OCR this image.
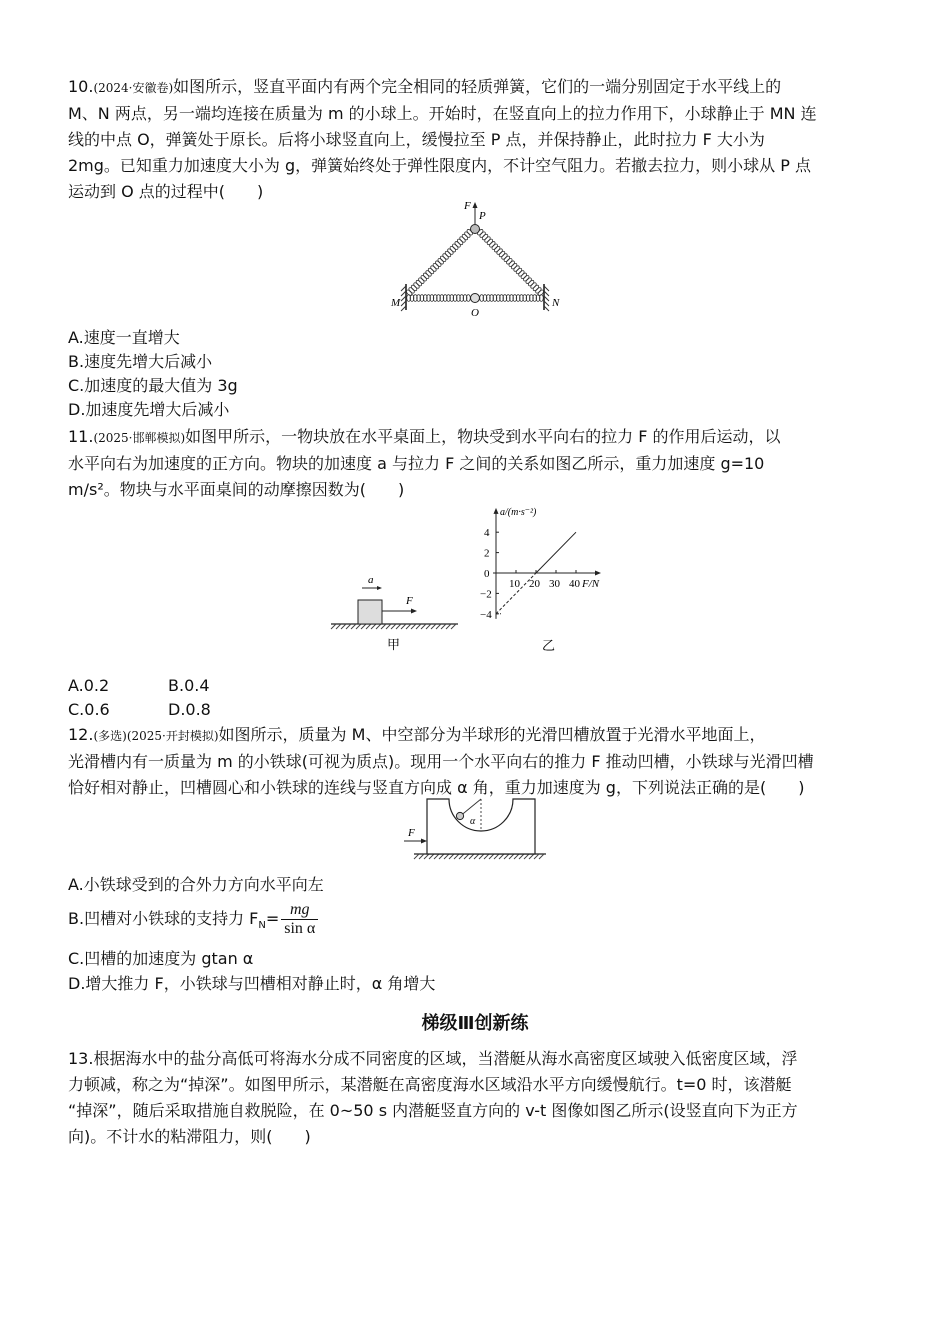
10.(2024·安徽卷)如图所示，竖直平面内有两个完全相同的轻质弹簧，它们的一端分别固定于水平线上的
M、N 两点，另一端均连接在质量为 m 的小球上。开始时，在竖直向上的拉力作用下，小球静止于 MN 连
线的中点 O，弹簧处于原长。后将小球竖直向上，缓慢拉至 P 点，并保持静止，此时拉力 F 大小为
2mg。已知重力加速度大小为 g，弹簧始终处于弹性限度内，不计空气阻力。若撤去拉力，则小球从 P 点
运动到 O 点的过程中(　　)
F
P
M	N
O
A.速度一直增大
B.速度先增大后减小
C.加速度的最大值为 3g
D.加速度先增大后减小
11.(2025·邯郸模拟)如图甲所示，一物块放在水平桌面上，物块受到水平向右的拉力 F 的作用后运动，以
水平向右为加速度的正方向。物块的加速度 a 与拉力 F 之间的关系如图乙所示，重力加速度 g=10
m/s²。物块与水平面桌间的动摩擦因数为(　　)
F
a
甲
10 20 30 40
4
2
0
−2
−4
F/N
a/(m·s⁻²)
乙
A.0.2	B.0.4
C.0.6	D.0.8
12.(多选)(2025·开封模拟)如图所示，质量为 M、中空部分为半球形的光滑凹槽放置于光滑水平地面上，
光滑槽内有一质量为 m 的小铁球(可视为质点)。现用一个水平向右的推力 F 推动凹槽，小铁球与光滑凹槽
恰好相对静止，凹槽圆心和小铁球的连线与竖直方向成 α 角，重力加速度为 g，下列说法正确的是(　　)
α
F
A.小铁球受到的合外力方向水平向左
B.凹槽对小铁球的支持力 $F_N= \frac{mg}{\text{sin α}}$
C.凹槽的加速度为 gtan α
D.增大推力 F，小铁球与凹槽相对静止时，α 角增大
梯级Ⅲ创新练
13.根据海水中的盐分高低可将海水分成不同密度的区域，当潜艇从海水高密度区域驶入低密度区域，浮
力顿减，称之为“掉深”。如图甲所示，某潜艇在高密度海水区域沿水平方向缓慢航行。t=0 时，该潜艇
“掉深”，随后采取措施自救脱险，在 0~50 s 内潜艇竖直方向的 v-t 图像如图乙所示(设竖直向下为正方
向)。不计水的粘滞阻力，则(　　)
